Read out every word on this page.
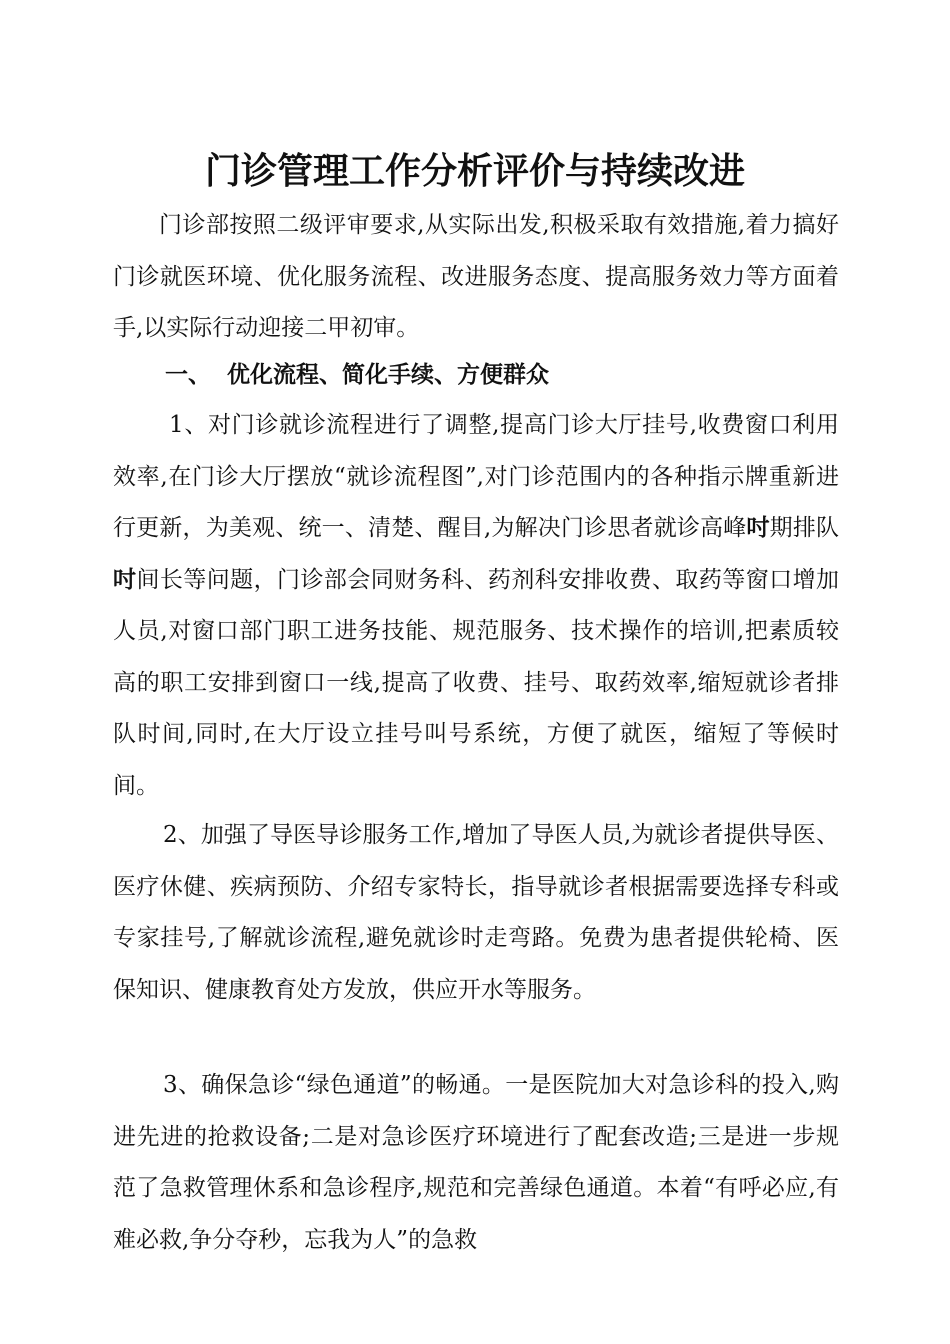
门诊管理工作分析评价与持续改进
门诊部按照二级评审要求,从实际出发,积极采取有效措施,着力搞好门诊就医环境、优化服务流程、改进服务态度、提高服务效力等方面着手,以实际行动迎接二甲初审。
一、  优化流程、简化手续、方便群众
1、对门诊就诊流程进行了调整,提高门诊大厅挂号,收费窗口利用效率,在门诊大厅摆放“就诊流程图”,对门诊范围内的各种指示牌重新进行更新，为美观、统一、清楚、醒目,为解决门诊思者就诊高峰吋期排队吋间长等问题，门诊部会同财务科、药剂科安排收费、取药等窗口增加人员,对窗口部门职工进务技能、规范服务、技术操作的培训,把素质较高的职工安排到窗口一线,提高了收费、挂号、取药效率,缩短就诊者排队时间,同时,在大厅设立挂号叫号系统，方便了就医，缩短了等候时间。
2、加强了导医导诊服务工作,增加了导医人员,为就诊者提供导医、医疗休健、疾病预防、介绍专家特长，指导就诊者根据需要选择专科或专家挂号,了解就诊流程,避免就诊时走弯路。免费为患者提供轮椅、医保知识、健康教育处方发放，供应开水等服务。
3、确保急诊“绿色通道”的畅通。一是医院加大对急诊科的投入,购进先进的抢救设备;二是对急诊医疗环境进行了配套改造;三是进一步规范了急救管理休系和急诊程序,规范和完善绿色通道。本着“有呼必应,有难必救,争分夺秒，忘我为人”的急救
